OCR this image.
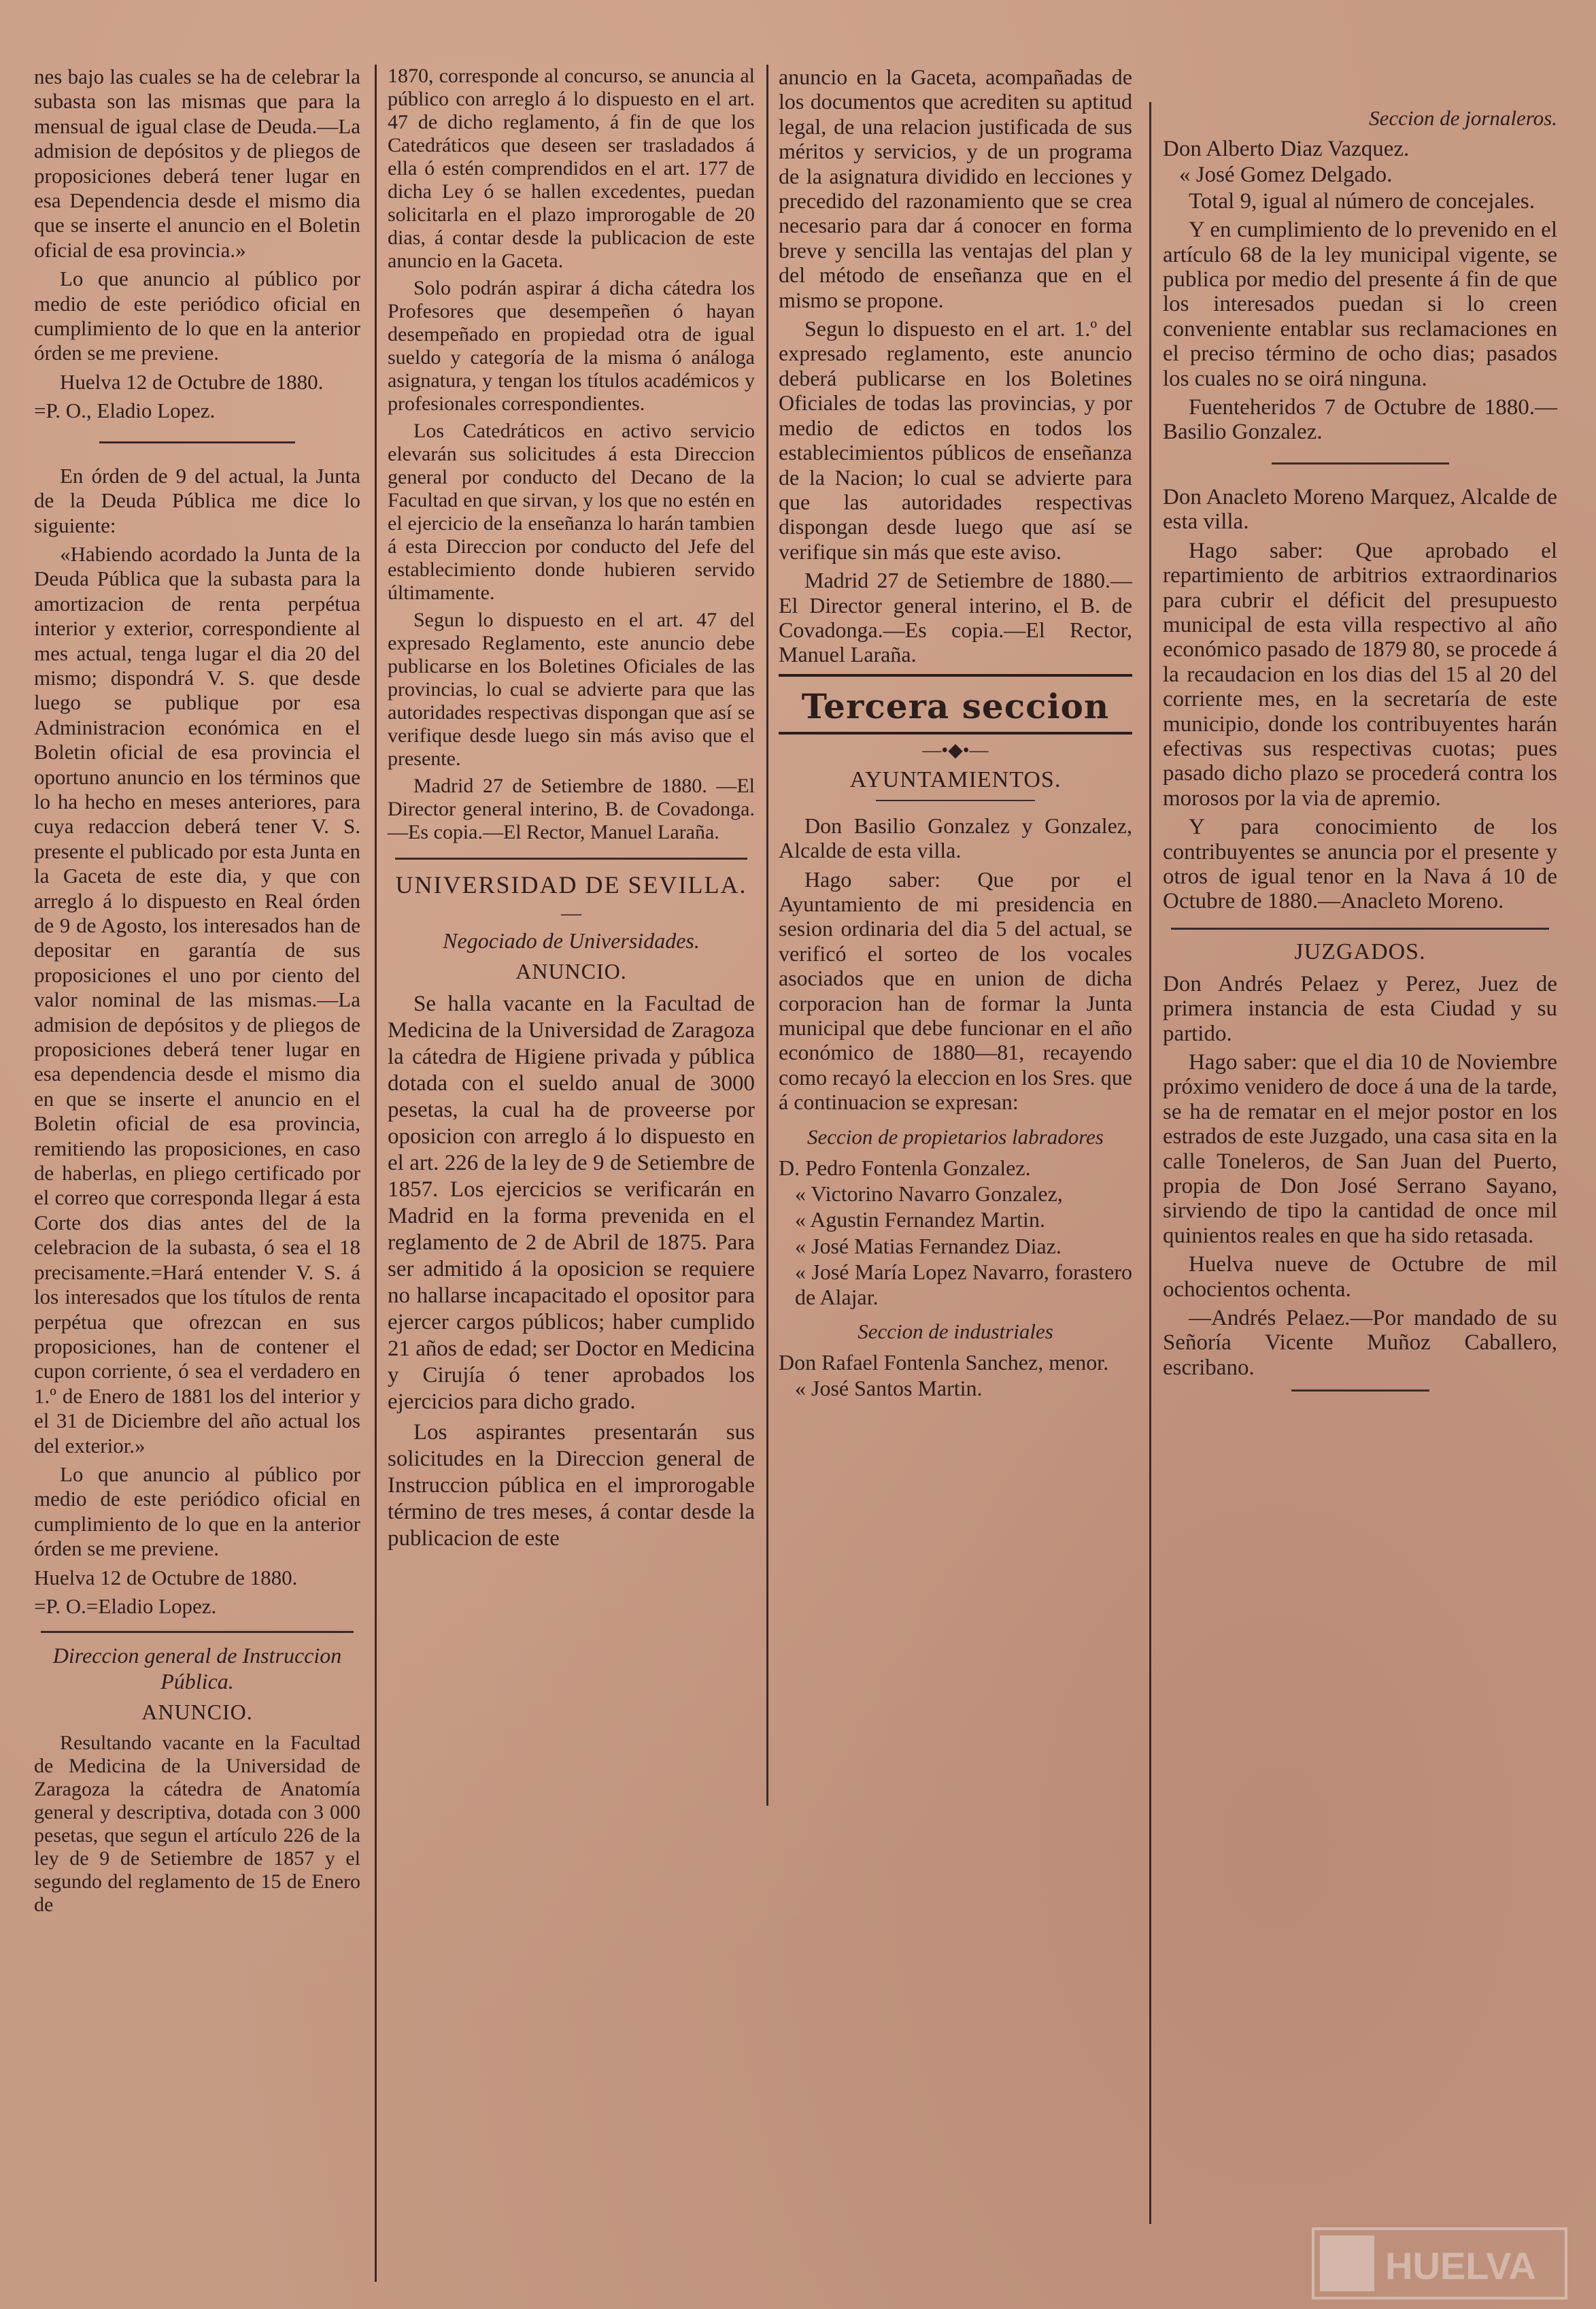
nes bajo las cuales se ha de celebrar la subasta son las mismas que para la mensual de igual clase de Deuda.—La admision de depósitos y de pliegos de proposiciones deberá tener lugar en esa Dependencia desde el mismo dia que se inserte el anuncio en el Boletin oficial de esa provincia.»

Lo que anuncio al público por medio de este periódico oficial en cumplimiento de lo que en la anterior órden se me previene.

Huelva 12 de Octubre de 1880.

=P. O., Eladio Lopez.

En órden de 9 del actual, la Junta de la Deuda Pública me dice lo siguiente:

«Habiendo acordado la Junta de la Deuda Pública que la subasta para la amortizacion de renta perpétua interior y exterior, correspondiente al mes actual, tenga lugar el dia 20 del mismo; dispondrá V. S. que desde luego se publique por esa Administracion económica en el Boletin oficial de esa provincia el oportuno anuncio en los términos que lo ha hecho en meses anteriores, para cuya redaccion deberá tener V. S. presente el publicado por esta Junta en la Gaceta de este dia, y que con arreglo á lo dispuesto en Real órden de 9 de Agosto, los interesados han de depositar en garantía de sus proposiciones el uno por ciento del valor nominal de las mismas.—La admision de depósitos y de pliegos de proposiciones deberá tener lugar en esa dependencia desde el mismo dia en que se inserte el anuncio en el Boletin oficial de esa provincia, remitiendo las proposiciones, en caso de haberlas, en pliego certificado por el correo que corresponda llegar á esta Corte dos dias antes del de la celebracion de la subasta, ó sea el 18 precisamente.=Hará entender V. S. á los interesados que los títulos de renta perpétua que ofrezcan en sus proposiciones, han de contener el cupon corriente, ó sea el verdadero en 1.º de Enero de 1881 los del interior y el 31 de Diciembre del año actual los del exterior.»

Lo que anuncio al público por medio de este periódico oficial en cumplimiento de lo que en la anterior órden se me previene.

Huelva 12 de Octubre de 1880.

=P. O.=Eladio Lopez.

Direccion general de Instruccion Pública.
ANUNCIO.

Resultando vacante en la Facultad de Medicina de la Universidad de Zaragoza la cátedra de Anatomía general y descriptiva, dotada con 3 000 pesetas, que segun el artículo 226 de la ley de 9 de Setiembre de 1857 y el segundo del reglamento de 15 de Enero de

1870, corresponde al concurso, se anuncia al público con arreglo á lo dispuesto en el art. 47 de dicho reglamento, á fin de que los Catedráticos que deseen ser trasladados á ella ó estén comprendidos en el art. 177 de dicha Ley ó se hallen excedentes, puedan solicitarla en el plazo improrogable de 20 dias, á contar desde la publicacion de este anuncio en la Gaceta.

Solo podrán aspirar á dicha cátedra los Profesores que desempeñen ó hayan desempeñado en propiedad otra de igual sueldo y categoría de la misma ó análoga asignatura, y tengan los títulos académicos y profesionales correspondientes.

Los Catedráticos en activo servicio elevarán sus solicitudes á esta Direccion general por conducto del Decano de la Facultad en que sirvan, y los que no estén en el ejercicio de la enseñanza lo harán tambien á esta Direccion por conducto del Jefe del establecimiento donde hubieren servido últimamente.

Segun lo dispuesto en el art. 47 del expresado Reglamento, este anuncio debe publicarse en los Boletines Oficiales de las provincias, lo cual se advierte para que las autoridades respectivas dispongan que así se verifique desde luego sin más aviso que el presente.

Madrid 27 de Setiembre de 1880. —El Director general interino, B. de Covadonga.—Es copia.—El Rector, Manuel Laraña.

UNIVERSIDAD DE SEVILLA.
—
Negociado de Universidades.
ANUNCIO.

Se halla vacante en la Facultad de Medicina de la Universidad de Zaragoza la cátedra de Higiene privada y pública dotada con el sueldo anual de 3000 pesetas, la cual ha de proveerse por oposicion con arreglo á lo dispuesto en el art. 226 de la ley de 9 de Setiembre de 1857. Los ejercicios se verificarán en Madrid en la forma prevenida en el reglamento de 2 de Abril de 1875. Para ser admitido á la oposicion se requiere no hallarse incapacitado el opositor para ejercer cargos públicos; haber cumplido 21 años de edad; ser Doctor en Medicina y Cirujía ó tener aprobados los ejercicios para dicho grado.

Los aspirantes presentarán sus solicitudes en la Direccion general de Instruccion pública en el improrogable término de tres meses, á contar desde la publicacion de este

anuncio en la Gaceta, acompañadas de los documentos que acrediten su aptitud legal, de una relacion justificada de sus méritos y servicios, y de un programa de la asignatura dividido en lecciones y precedido del razonamiento que se crea necesario para dar á conocer en forma breve y sencilla las ventajas del plan y del método de enseñanza que en el mismo se propone.

Segun lo dispuesto en el art. 1.º del expresado reglamento, este anuncio deberá publicarse en los Boletines Oficiales de todas las provincias, y por medio de edictos en todos los establecimientos públicos de enseñanza de la Nacion; lo cual se advierte para que las autoridades respectivas dispongan desde luego que así se verifique sin más que este aviso.

Madrid 27 de Setiembre de 1880.—El Director general interino, el B. de Covadonga.—Es copia.—El Rector, Manuel Laraña.

Tercera seccion
—•◆•—
AYUNTAMIENTOS.

Don Basilio Gonzalez y Gonzalez, Alcalde de esta villa.

Hago saber: Que por el Ayuntamiento de mi presidencia en sesion ordinaria del dia 5 del actual, se verificó el sorteo de los vocales asociados que en union de dicha corporacion han de formar la Junta municipal que debe funcionar en el año económico de 1880—81, recayendo como recayó la eleccion en los Sres. que á continuacion se expresan:

Seccion de propietarios labradores

D. Pedro Fontenla Gonzalez.

« Victorino Navarro Gonzalez,

« Agustin Fernandez Martin.

« José Matias Fernandez Diaz.

« José María Lopez Navarro, forastero de Alajar.

Seccion de industriales

Don Rafael Fontenla Sanchez, menor.

« José Santos Martin.

Seccion de jornaleros.

Don Alberto Diaz Vazquez.

« José Gomez Delgado.

Total 9, igual al número de concejales.

Y en cumplimiento de lo prevenido en el artículo 68 de la ley municipal vigente, se publica por medio del presente á fin de que los interesados puedan si lo creen conveniente entablar sus reclamaciones en el preciso término de ocho dias; pasados los cuales no se oirá ninguna.

Fuenteheridos 7 de Octubre de 1880.—Basilio Gonzalez.

Don Anacleto Moreno Marquez, Alcalde de esta villa.

Hago saber: Que aprobado el repartimiento de arbitrios extraordinarios para cubrir el déficit del presupuesto municipal de esta villa respectivo al año económico pasado de 1879 80, se procede á la recaudacion en los dias del 15 al 20 del corriente mes, en la secretaría de este municipio, donde los contribuyentes harán efectivas sus respectivas cuotas; pues pasado dicho plazo se procederá contra los morosos por la via de apremio.

Y para conocimiento de los contribuyentes se anuncia por el presente y otros de igual tenor en la Nava á 10 de Octubre de 1880.—Anacleto Moreno.

JUZGADOS.

Don Andrés Pelaez y Perez, Juez de primera instancia de esta Ciudad y su partido.

Hago saber: que el dia 10 de Noviembre próximo venidero de doce á una de la tarde, se ha de rematar en el mejor postor en los estrados de este Juzgado, una casa sita en la calle Toneleros, de San Juan del Puerto, propia de Don José Serrano Sayano, sirviendo de tipo la cantidad de once mil quinientos reales en que ha sido retasada.

Huelva nueve de Octubre de mil ochocientos ochenta.

—Andrés Pelaez.—Por mandado de su Señoría Vicente Muñoz Caballero, escribano.

HUELVA
